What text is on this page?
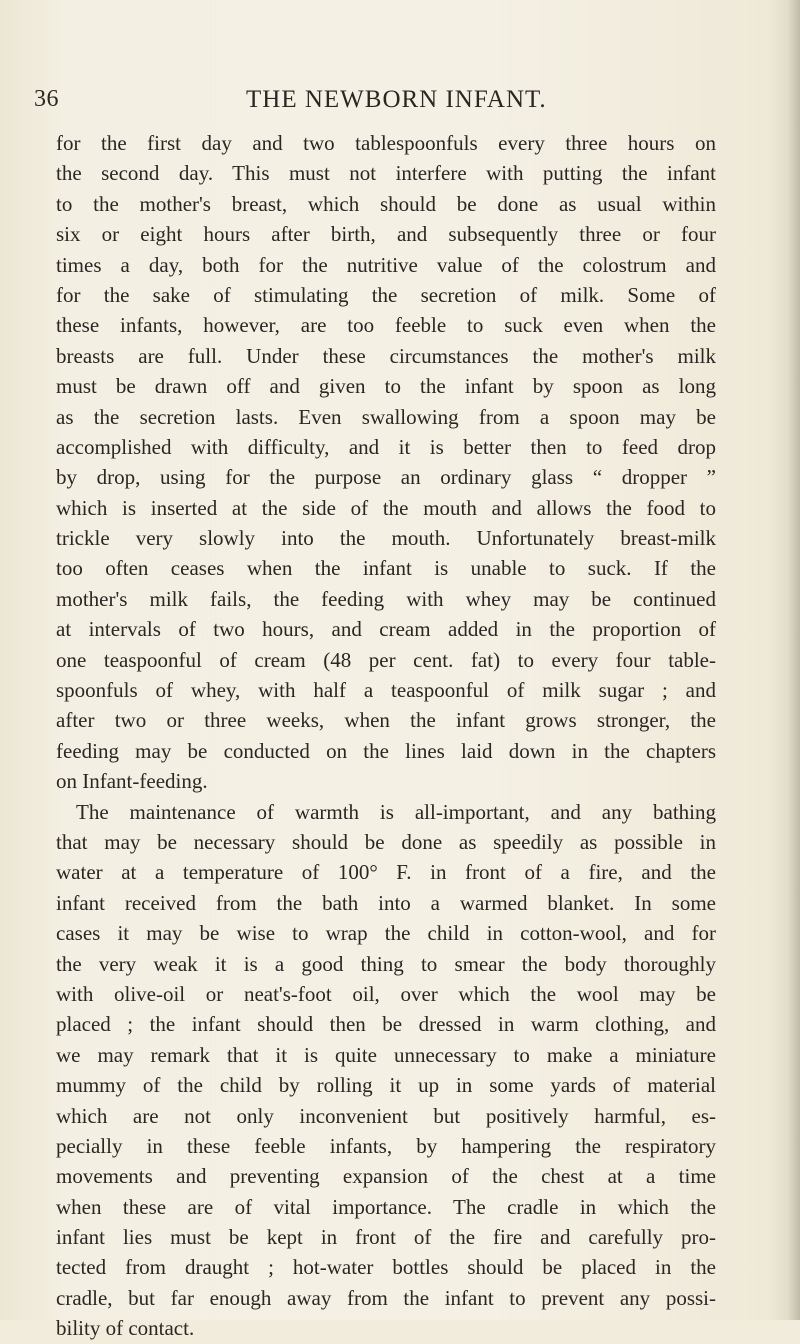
36	THE NEWBORN INFANT.
for the first day and two tablespoonfuls every three hours on
the second day. This must not interfere with putting the infant
to the mother's breast, which should be done as usual within
six or eight hours after birth, and subsequently three or four
times a day, both for the nutritive value of the colostrum and
for the sake of stimulating the secretion of milk. Some of
these infants, however, are too feeble to suck even when the
breasts are full. Under these circumstances the mother's milk
must be drawn off and given to the infant by spoon as long
as the secretion lasts. Even swallowing from a spoon may be
accomplished with difficulty, and it is better then to feed drop
by drop, using for the purpose an ordinary glass “ dropper ”
which is inserted at the side of the mouth and allows the food to
trickle very slowly into the mouth. Unfortunately breast-milk
too often ceases when the infant is unable to suck. If the
mother's milk fails, the feeding with whey may be continued
at intervals of two hours, and cream added in the proportion of
one teaspoonful of cream (48 per cent. fat) to every four table-
spoonfuls of whey, with half a teaspoonful of milk sugar ; and
after two or three weeks, when the infant grows stronger, the
feeding may be conducted on the lines laid down in the chapters
on Infant-feeding.
The maintenance of warmth is all-important, and any bathing
that may be necessary should be done as speedily as possible in
water at a temperature of 100° F. in front of a fire, and the
infant received from the bath into a warmed blanket. In some
cases it may be wise to wrap the child in cotton-wool, and for
the very weak it is a good thing to smear the body thoroughly
with olive-oil or neat's-foot oil, over which the wool may be
placed ; the infant should then be dressed in warm clothing, and
we may remark that it is quite unnecessary to make a miniature
mummy of the child by rolling it up in some yards of material
which are not only inconvenient but positively harmful, es-
pecially in these feeble infants, by hampering the respiratory
movements and preventing expansion of the chest at a time
when these are of vital importance. The cradle in which the
infant lies must be kept in front of the fire and carefully pro-
tected from draught ; hot-water bottles should be placed in the
cradle, but far enough away from the infant to prevent any possi-
bility of contact.
